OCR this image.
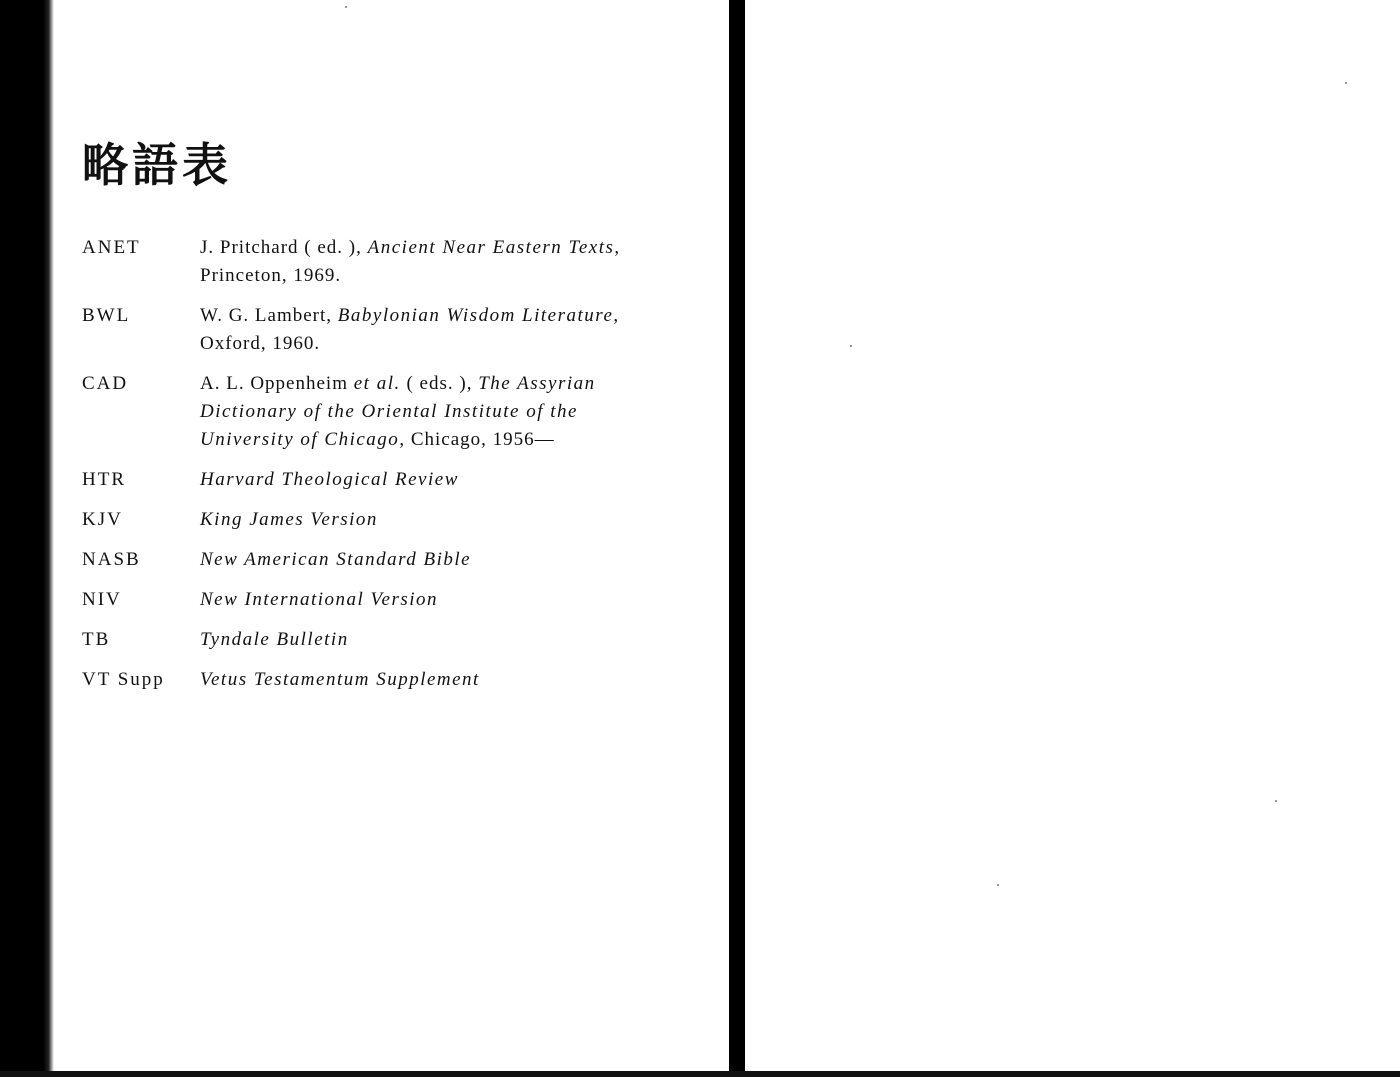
略語表
ANET	J. Pritchard ( ed. ), Ancient Near Eastern Texts, Princeton, 1969.
BWL	W. G. Lambert, Babylonian Wisdom Literature, Oxford, 1960.
CAD	A. L. Oppenheim et al. ( eds. ), The Assyrian Dictionary of the Oriental Institute of the University of Chicago, Chicago, 1956—
HTR	Harvard Theological Review
KJV	King James Version
NASB	New American Standard Bible
NIV	New International Version
TB	Tyndale Bulletin
VT Supp	Vetus Testamentum Supplement
